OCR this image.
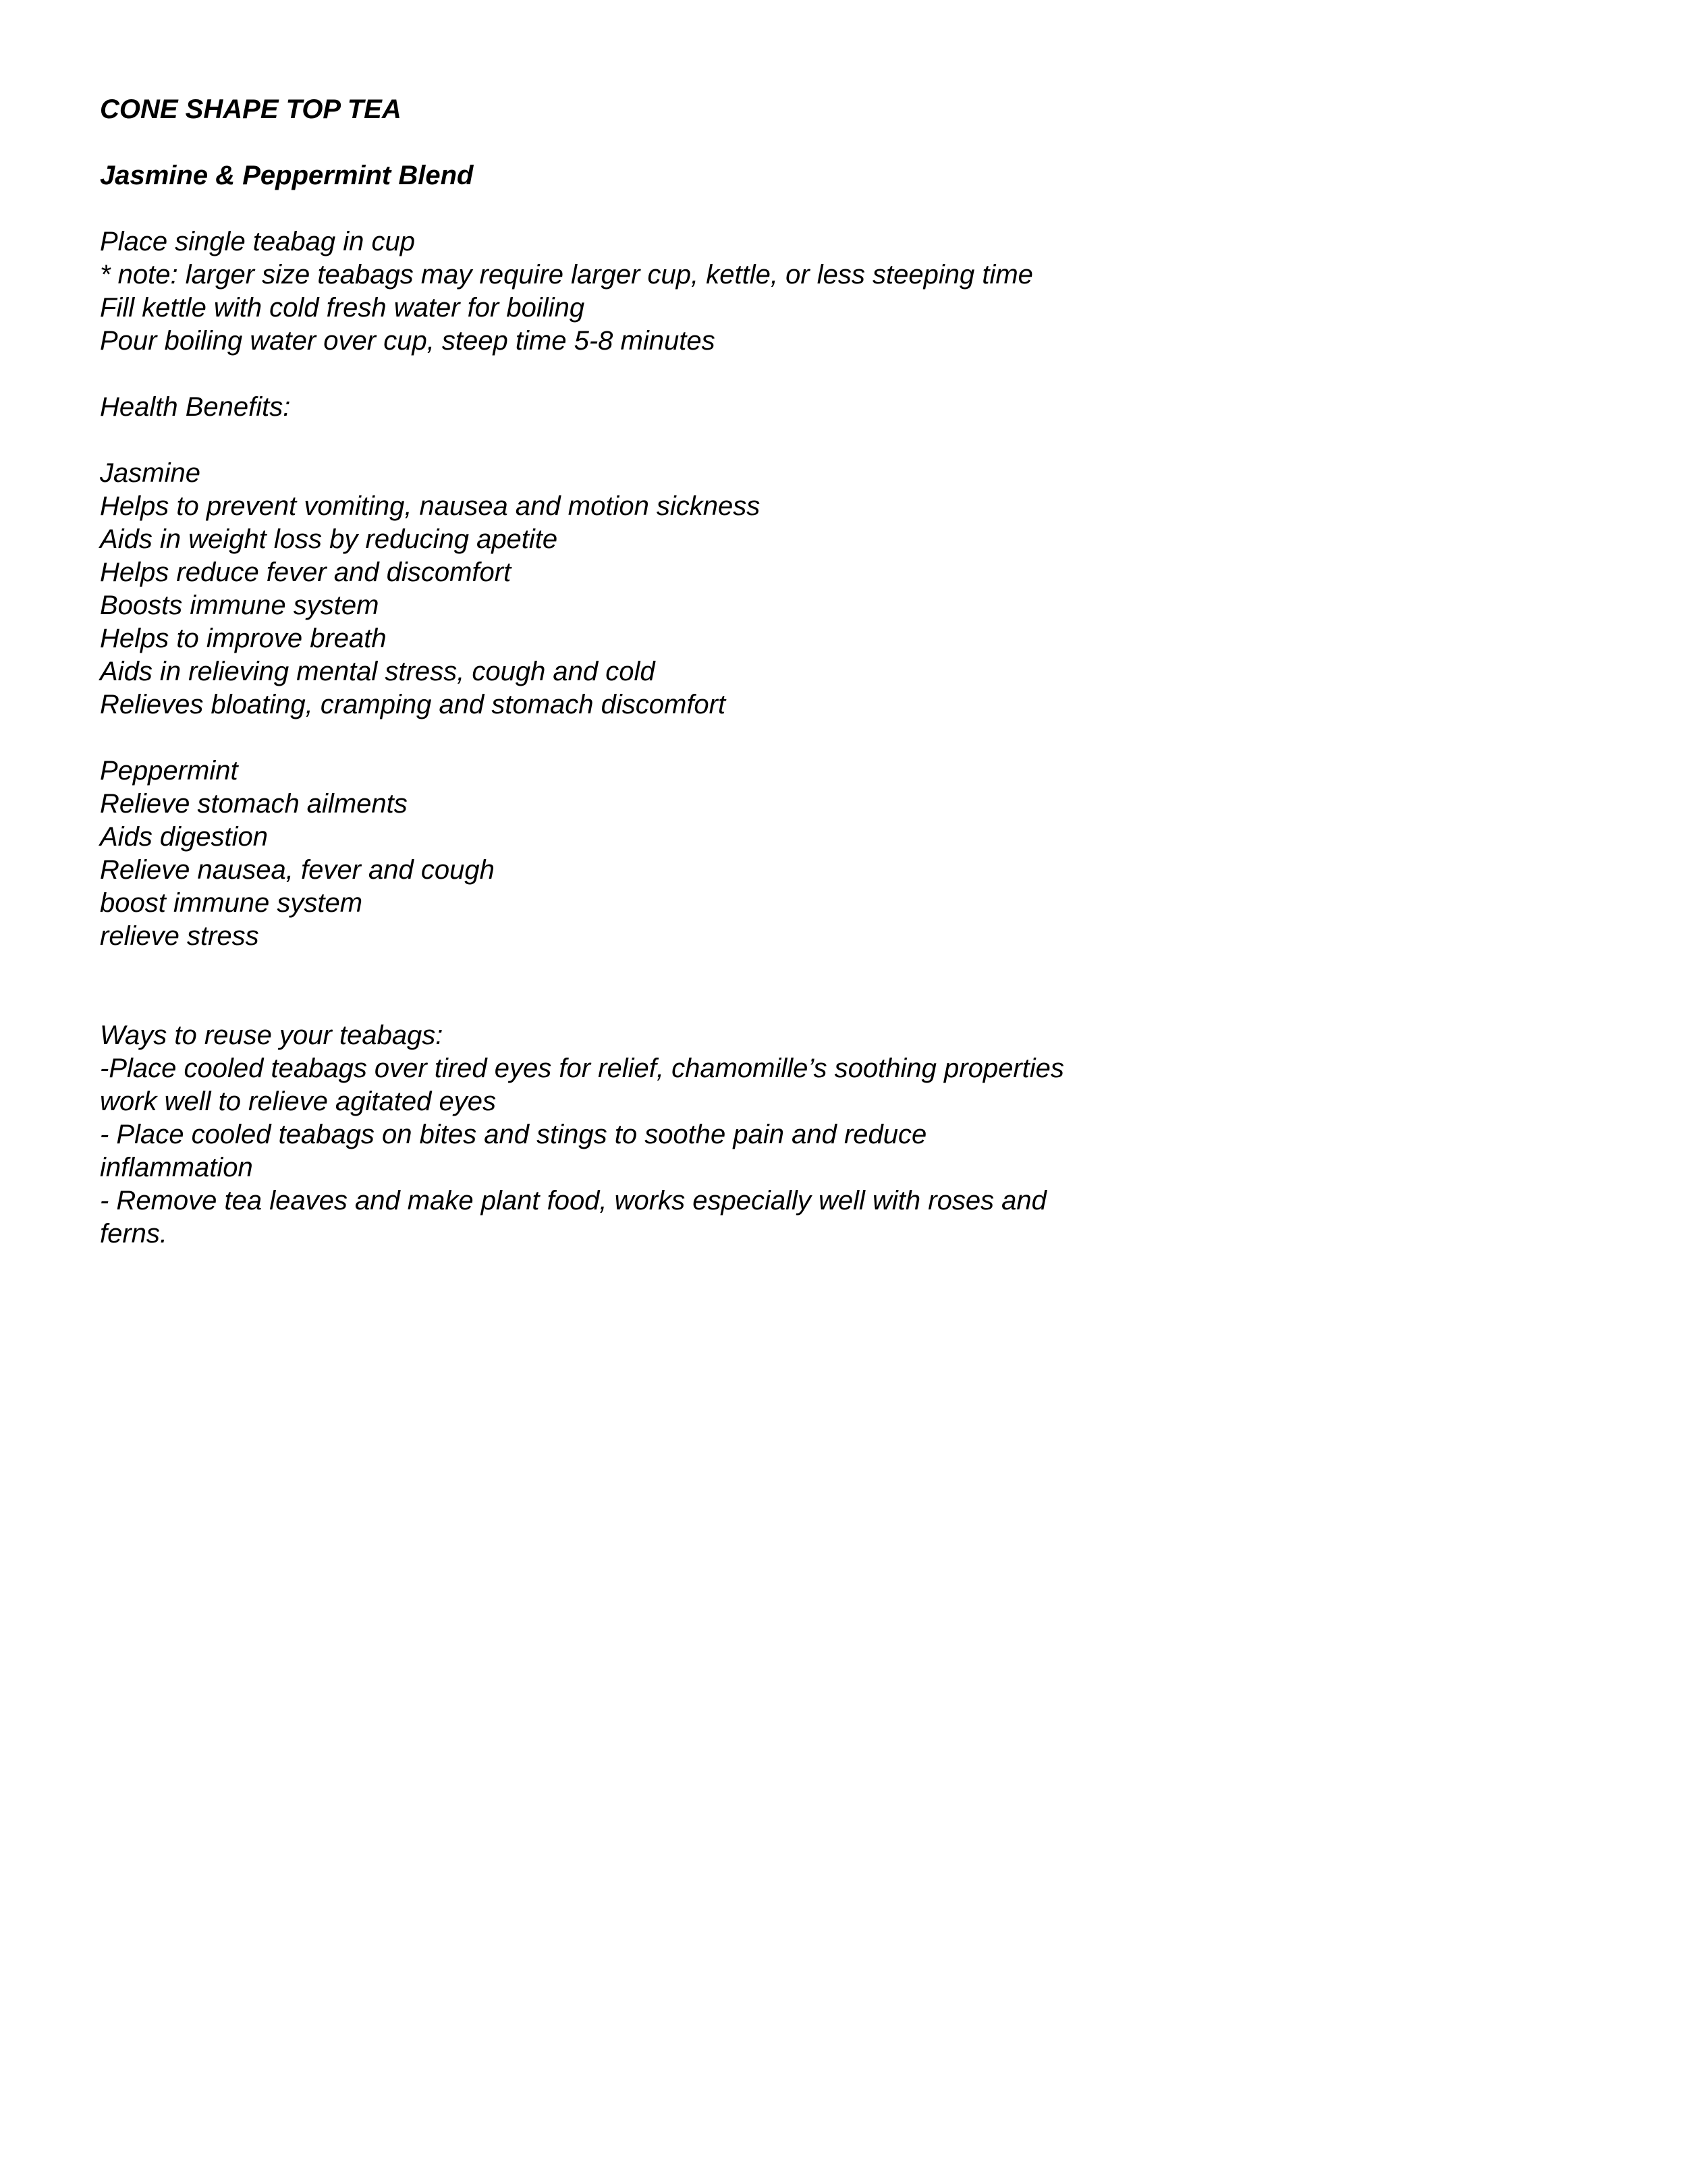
CONE SHAPE TOP TEA
Jasmine & Peppermint Blend
Place single teabag in cup
* note: larger size teabags may require larger cup, kettle, or less steeping time
Fill kettle with cold fresh water for boiling
Pour boiling water over cup, steep time 5-8 minutes
Health Benefits:
Jasmine
Helps to prevent vomiting, nausea and motion sickness
Aids in weight loss by reducing apetite
Helps reduce fever and discomfort
Boosts immune system
Helps to improve breath
Aids in relieving mental stress, cough and cold
Relieves bloating, cramping and stomach discomfort
Peppermint
Relieve stomach ailments
Aids digestion
Relieve nausea, fever and cough
boost immune system
relieve stress
Ways to reuse your teabags:
-Place cooled teabags over tired eyes for relief, chamomille’s soothing properties
work well to relieve agitated eyes
- Place cooled teabags on bites and stings to soothe pain and reduce
inflammation
- Remove tea leaves and make plant food, works especially well with roses and
ferns.
